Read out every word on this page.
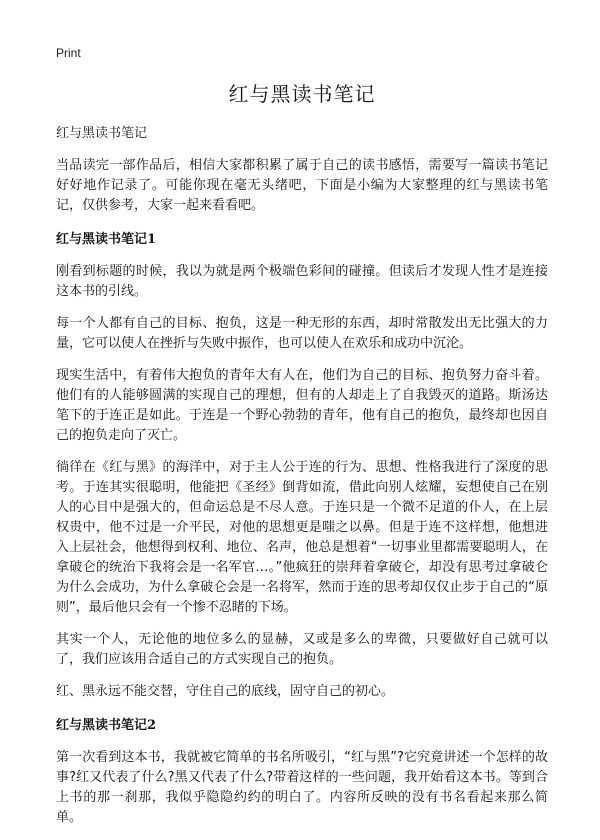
Print
红与黑读书笔记
红与黑读书笔记

当品读完一部作品后，相信大家都积累了属于自己的读书感悟，需要写一篇读书笔记好好地作记录了。可能你现在毫无头绪吧，下面是小编为大家整理的红与黑读书笔记，仅供参考，大家一起来看看吧。

红与黑读书笔记1

刚看到标题的时候，我以为就是两个极端色彩间的碰撞。但读后才发现人性才是连接这本书的引线。

每一个人都有自己的目标、抱负，这是一种无形的东西，却时常散发出无比强大的力量，它可以使人在挫折与失败中振作，也可以使人在欢乐和成功中沉沦。

现实生活中，有着伟大抱负的青年大有人在，他们为自己的目标、抱负努力奋斗着。他们有的人能够圆满的实现自己的理想，但有的人却走上了自我毁灭的道路。斯汤达笔下的于连正是如此。于连是一个野心勃勃的青年，他有自己的抱负，最终却也因自己的抱负走向了灭亡。

徜徉在《红与黑》的海洋中，对于主人公于连的行为、思想、性格我进行了深度的思考。于连其实很聪明，他能把《圣经》倒背如流，借此向别人炫耀，妄想使自己在别人的心目中是强大的，但命运总是不尽人意。于连只是一个微不足道的仆人，在上层权贵中，他不过是一介平民，对他的思想更是嗤之以鼻。但是于连不这样想，他想进入上层社会，他想得到权利、地位、名声，他总是想着“一切事业里都需要聪明人，在拿破仑的统治下我将会是一名军官…。”他疯狂的崇拜着拿破仑，却没有思考过拿破仑为什么会成功，为什么拿破仑会是一名将军，然而于连的思考却仅仅止步于自己的“原则”，最后他只会有一个惨不忍睹的下场。

其实一个人，无论他的地位多么的显赫，又或是多么的卑微，只要做好自己就可以了，我们应该用合适自己的方式实现自己的抱负。

红、黑永远不能交替，守住自己的底线，固守自己的初心。

红与黑读书笔记2

第一次看到这本书，我就被它简单的书名所吸引，“红与黑”?它究竟讲述一个怎样的故事?红又代表了什么?黑又代表了什么?带着这样的一些问题，我开始看这本书。等到合上书的那一刹那，我似乎隐隐约约的明白了。内容所反映的没有书名看起来那么简单。
